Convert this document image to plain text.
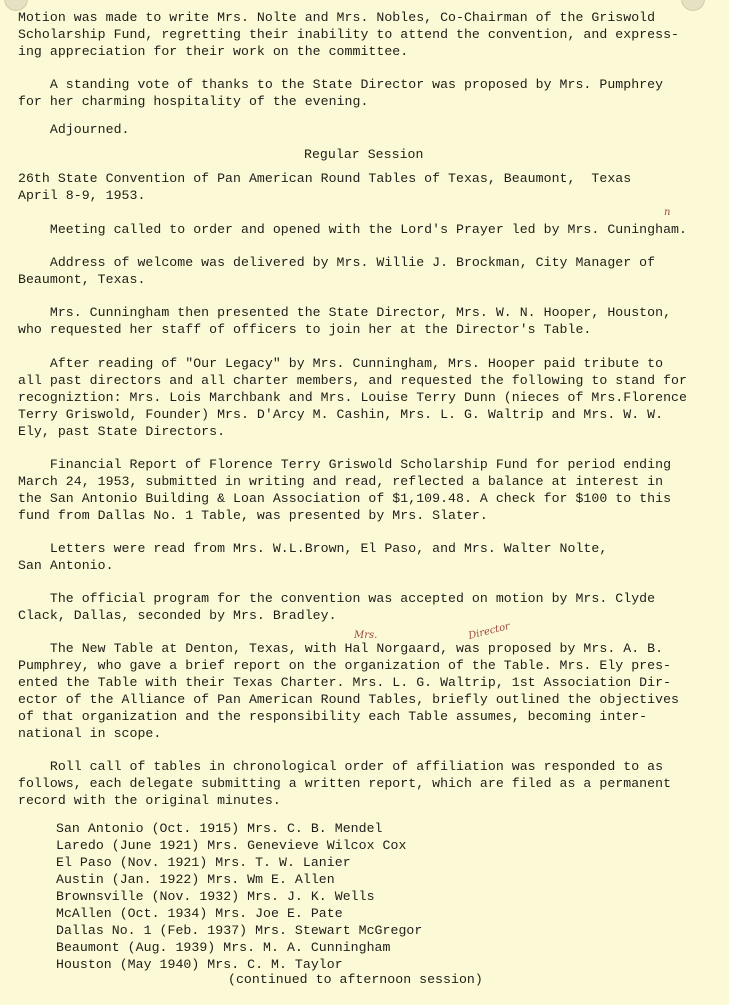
Motion was made to write Mrs. Nolte and Mrs. Nobles, Co-Chairman of the Griswold
Scholarship Fund, regretting their inability to attend the convention, and express-
ing appreciation for their work on the committee.
A standing vote of thanks to the State Director was proposed by Mrs. Pumphrey
for her charming hospitality of the evening.
Adjourned.
Regular Session
26th State Convention of Pan American Round Tables of Texas, Beaumont,  Texas
April 8-9, 1953.
Meeting called to order and opened with the Lord's Prayer led by Mrs. Cuningham.
Address of welcome was delivered by Mrs. Willie J. Brockman, City Manager of
Beaumont, Texas.
Mrs. Cunningham then presented the State Director, Mrs. W. N. Hooper, Houston,
who requested her staff of officers to join her at the Director's Table.
After reading of "Our Legacy" by Mrs. Cunningham, Mrs. Hooper paid tribute to
all past directors and all charter members, and requested the following to stand for
recogniztion: Mrs. Lois Marchbank and Mrs. Louise Terry Dunn (nieces of Mrs.Florence
Terry Griswold, Founder) Mrs. D'Arcy M. Cashin, Mrs. L. G. Waltrip and Mrs. W. W.
Ely, past State Directors.
Financial Report of Florence Terry Griswold Scholarship Fund for period ending
March 24, 1953, submitted in writing and read, reflected a balance at interest in
the San Antonio Building & Loan Association of $1,109.48. A check for $100 to this
fund from Dallas No. 1 Table, was presented by Mrs. Slater.
Letters were read from Mrs. W.L.Brown, El Paso, and Mrs. Walter Nolte,
San Antonio.
The official program for the convention was accepted on motion by Mrs. Clyde
Clack, Dallas, seconded by Mrs. Bradley.
The New Table at Denton, Texas, with Hal Norgaard, was proposed by Mrs. A. B.
Pumphrey, who gave a brief report on the organization of the Table. Mrs. Ely pres-
ented the Table with their Texas Charter. Mrs. L. G. Waltrip, 1st Association Dir-
ector of the Alliance of Pan American Round Tables, briefly outlined the objectives
of that organization and the responsibility each Table assumes, becoming inter-
national in scope.
Roll call of tables in chronological order of affiliation was responded to as
follows, each delegate submitting a written report, which are filed as a permanent
record with the original minutes.
San Antonio (Oct. 1915) Mrs. C. B. Mendel
Laredo (June 1921) Mrs. Genevieve Wilcox Cox
El Paso (Nov. 1921) Mrs. T. W. Lanier
Austin (Jan. 1922) Mrs. Wm E. Allen
Brownsville (Nov. 1932) Mrs. J. K. Wells
McAllen (Oct. 1934) Mrs. Joe E. Pate
Dallas No. 1 (Feb. 1937) Mrs. Stewart McGregor
Beaumont (Aug. 1939) Mrs. M. A. Cunningham
Houston (May 1940) Mrs. C. M. Taylor
(continued to afternoon session)
Mrs.	Director
n
